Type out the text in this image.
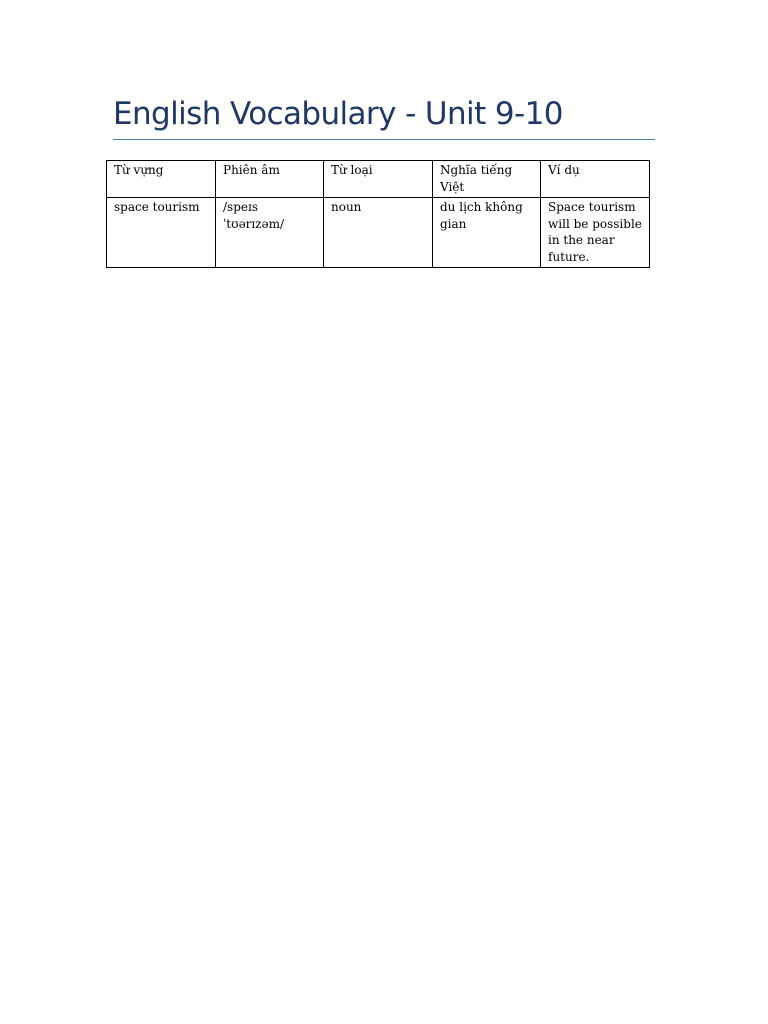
English Vocabulary - Unit 9-10
Từ vựng	Phiên âm	Từ loại	Nghĩa tiếng Việt	Ví dụ
space tourism	/speɪs ˈtʊərɪzəm/	noun	du lịch không gian	Space tourism will be possible in the near future.
